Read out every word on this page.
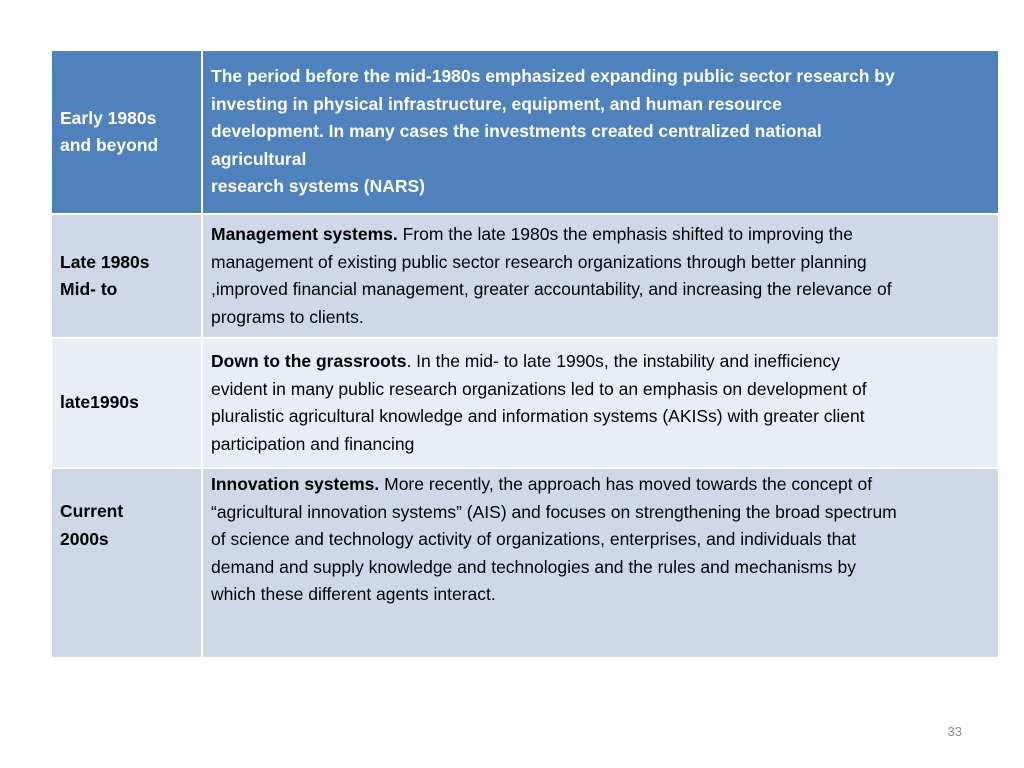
Early 1980s
and beyond	The period before the mid-1980s emphasized expanding public sector research by
investing in physical infrastructure, equipment, and human resource
development. In many cases the investments created centralized national
agricultural
research systems (NARS)

Late 1980s
Mid- to	Management systems. From the late 1980s the emphasis shifted to improving the
management of existing public sector research organizations through better planning
,improved financial management, greater accountability, and increasing the relevance of
programs to clients.

late1990s	Down to the grassroots. In the mid- to late 1990s, the instability and inefficiency
evident in many public research organizations led to an emphasis on development of
pluralistic agricultural knowledge and information systems (AKISs) with greater client
participation and financing

Current
2000s	Innovation systems. More recently, the approach has moved towards the concept of
“agricultural innovation systems” (AIS) and focuses on strengthening the broad spectrum
of science and technology activity of organizations, enterprises, and individuals that
demand and supply knowledge and technologies and the rules and mechanisms by
which these different agents interact.
33
